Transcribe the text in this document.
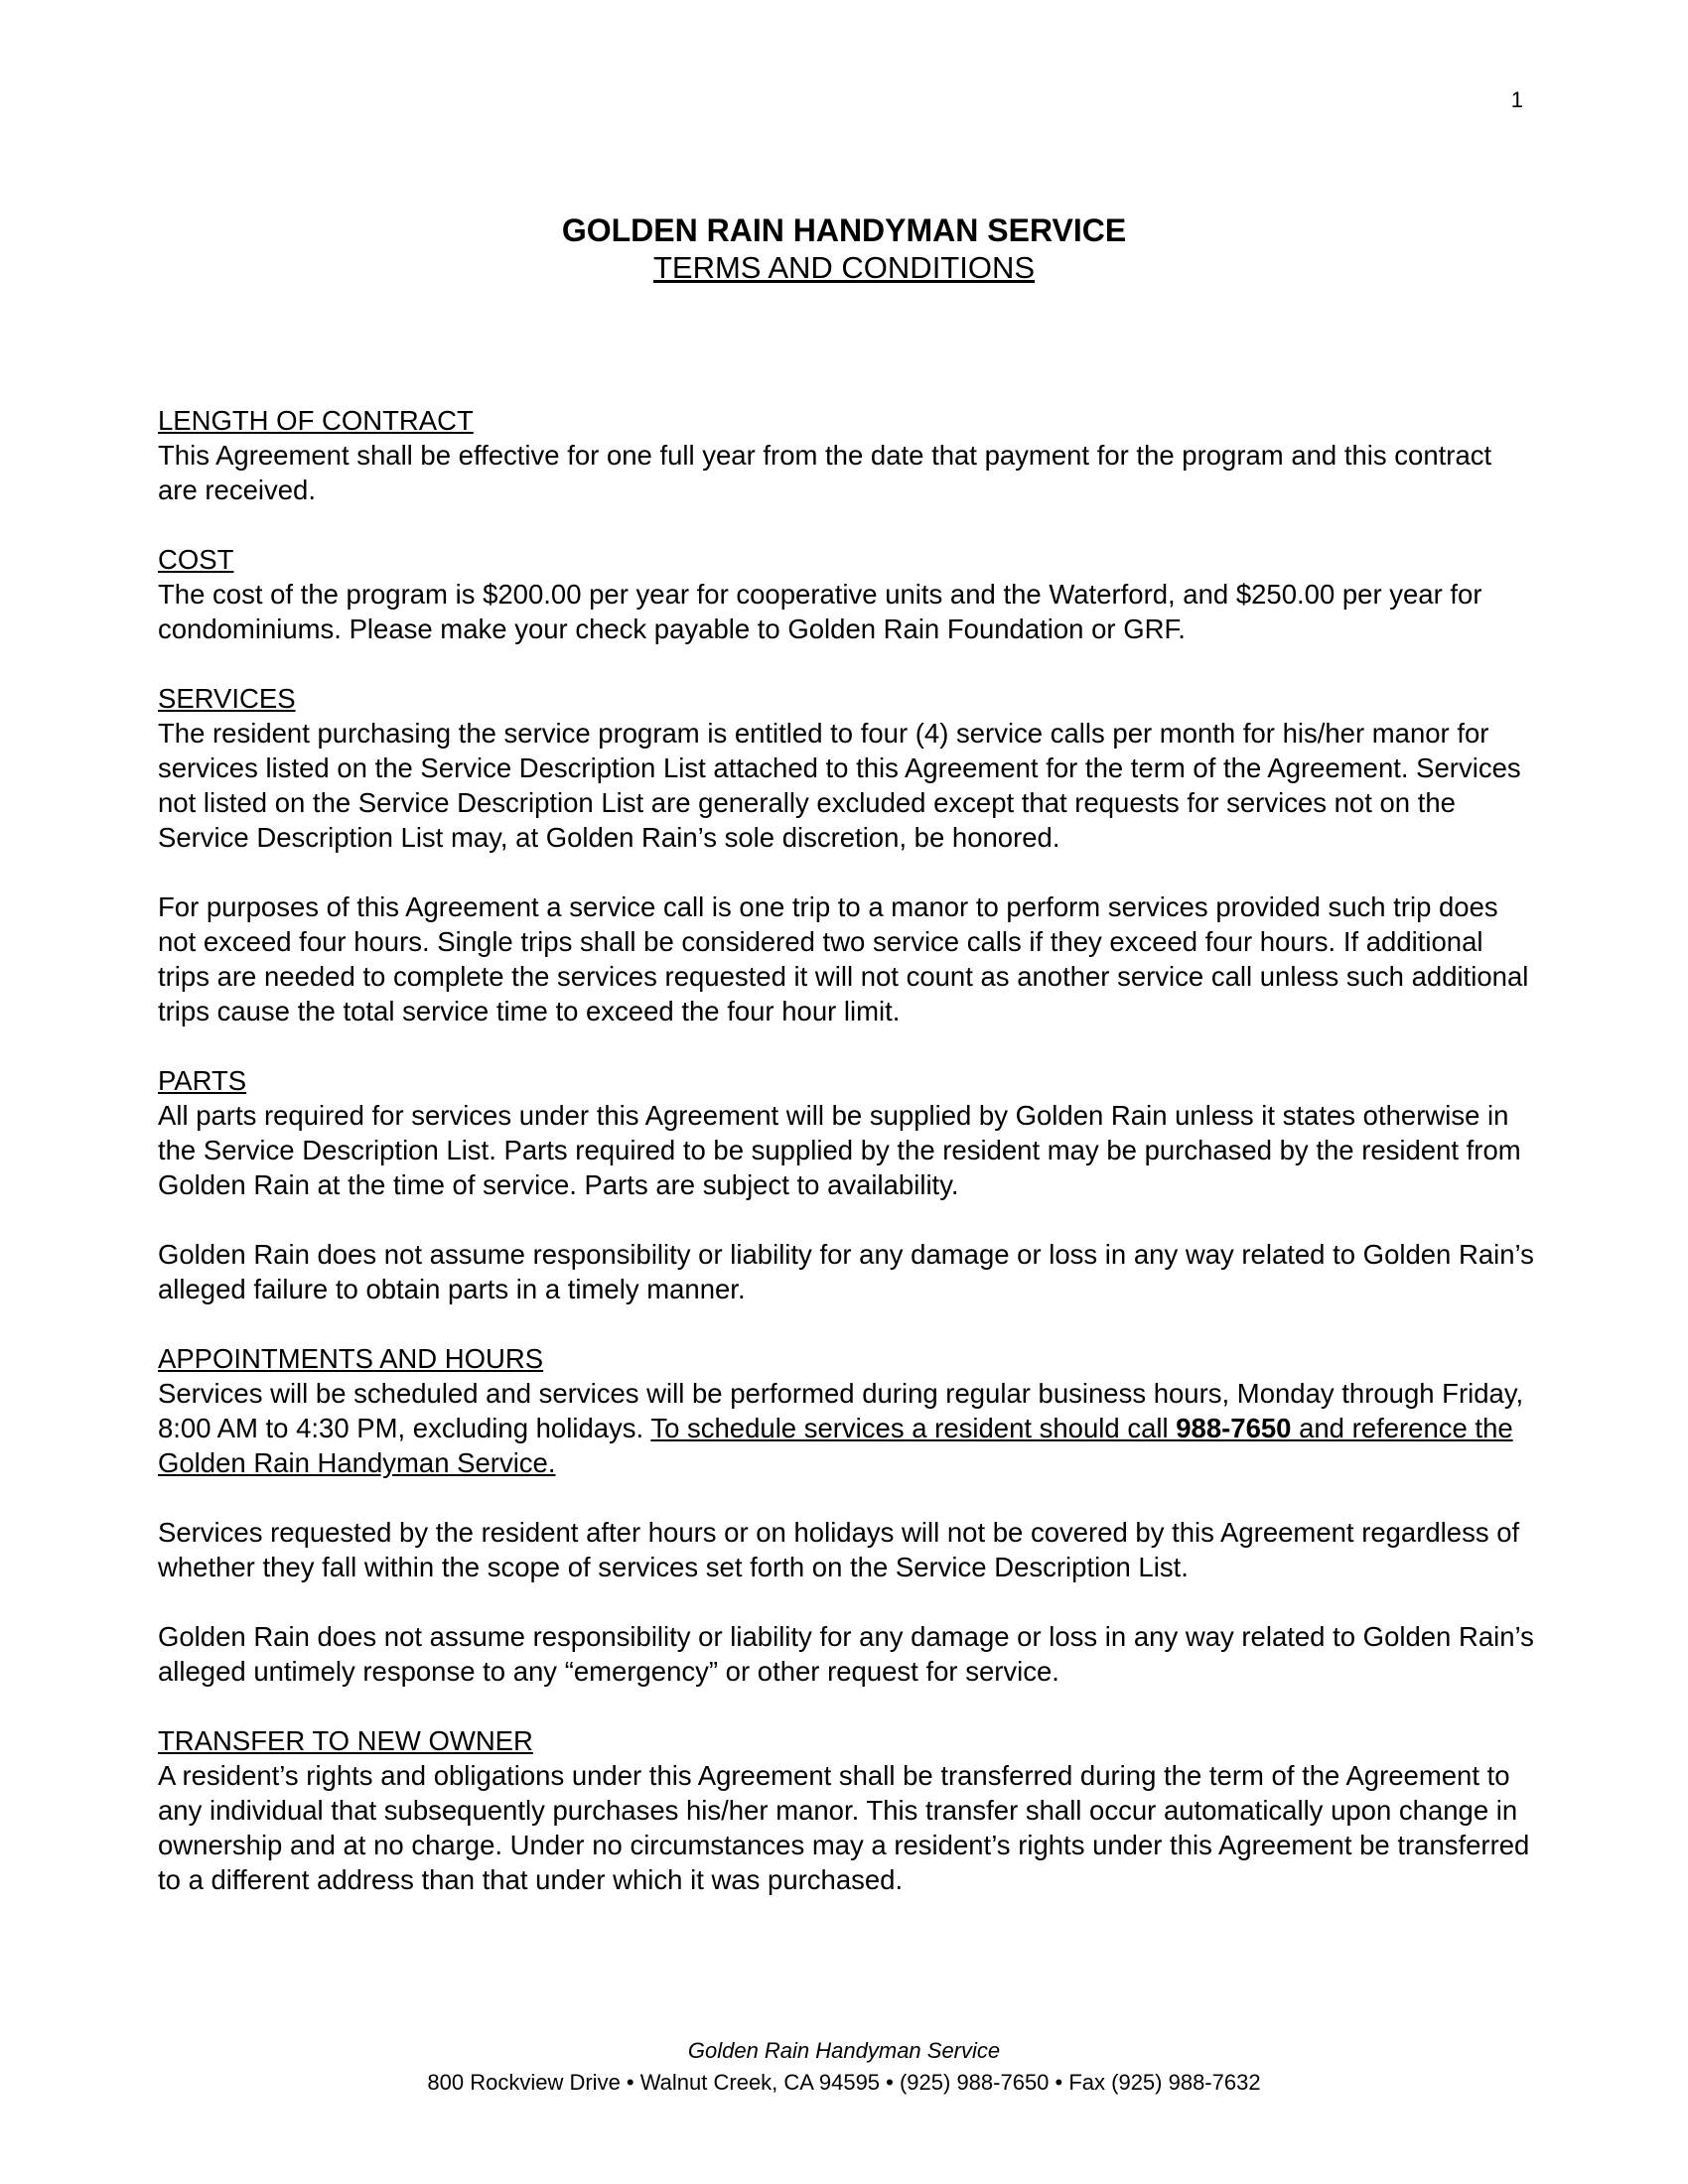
1

GOLDEN RAIN HANDYMAN SERVICE

TERMS AND CONDITIONS

LENGTH OF CONTRACT

This Agreement shall be effective for one full year from the date that payment for the program and this contract are received.

COST

The cost of the program is $200.00 per year for cooperative units and the Waterford, and $250.00 per year for condominiums. Please make your check payable to Golden Rain Foundation or GRF.

SERVICES

The resident purchasing the service program is entitled to four (4) service calls per month for his/her manor for services listed on the Service Description List attached to this Agreement for the term of the Agreement. Services not listed on the Service Description List are generally excluded except that requests for services not on the Service Description List may, at Golden Rain’s sole discretion, be honored.

For purposes of this Agreement a service call is one trip to a manor to perform services provided such trip does not exceed four hours. Single trips shall be considered two service calls if they exceed four hours. If additional trips are needed to complete the services requested it will not count as another service call unless such additional trips cause the total service time to exceed the four hour limit.

PARTS

All parts required for services under this Agreement will be supplied by Golden Rain unless it states otherwise in the Service Description List. Parts required to be supplied by the resident may be purchased by the resident from Golden Rain at the time of service. Parts are subject to availability.

Golden Rain does not assume responsibility or liability for any damage or loss in any way related to Golden Rain’s alleged failure to obtain parts in a timely manner.

APPOINTMENTS AND HOURS

Services will be scheduled and services will be performed during regular business hours, Monday through Friday, 8:00 AM to 4:30 PM, excluding holidays. To schedule services a resident should call 988-7650 and reference the Golden Rain Handyman Service.

Services requested by the resident after hours or on holidays will not be covered by this Agreement regardless of whether they fall within the scope of services set forth on the Service Description List.

Golden Rain does not assume responsibility or liability for any damage or loss in any way related to Golden Rain’s alleged untimely response to any “emergency” or other request for service.

TRANSFER TO NEW OWNER

A resident’s rights and obligations under this Agreement shall be transferred during the term of the Agreement to any individual that subsequently purchases his/her manor. This transfer shall occur automatically upon change in ownership and at no charge. Under no circumstances may a resident’s rights under this Agreement be transferred to a different address than that under which it was purchased.

Golden Rain Handyman Service
800 Rockview Drive • Walnut Creek, CA 94595 • (925) 988-7650 • Fax (925) 988-7632
